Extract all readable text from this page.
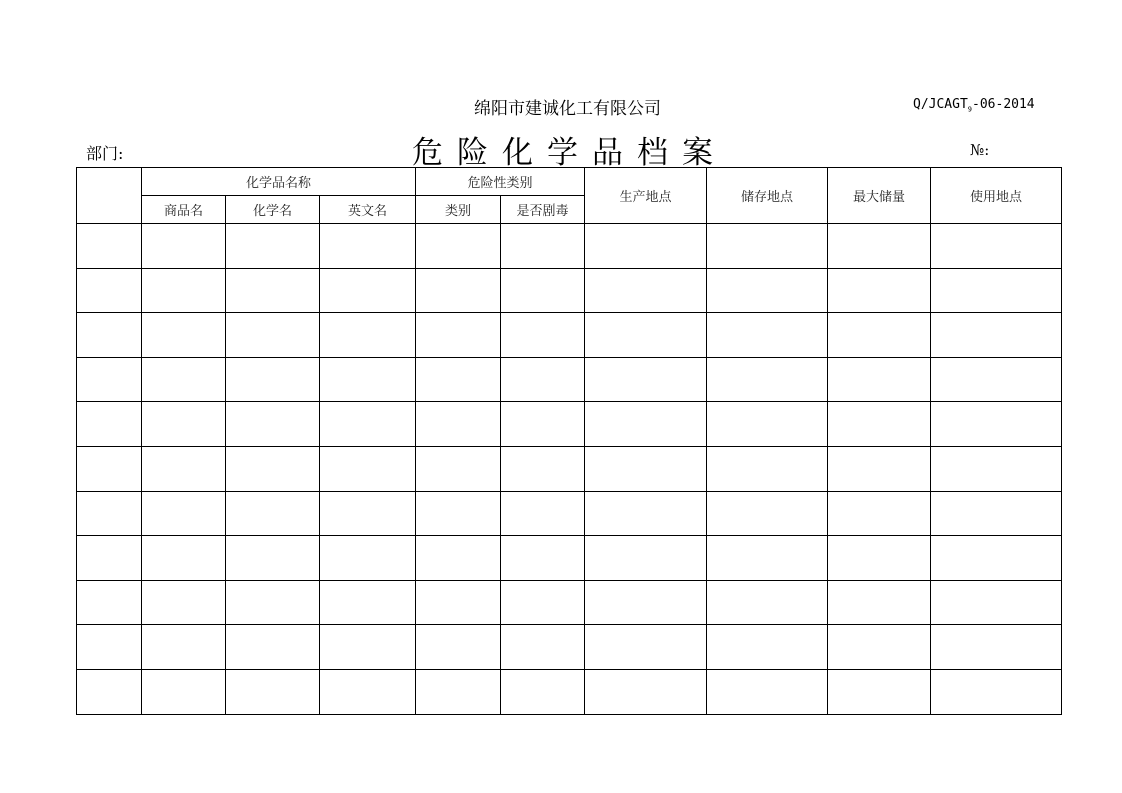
绵阳市建诚化工有限公司	$Q/JCAGT_9-06-2014$
部门:	危险化学品档案	№:
	化学品名称			危险性类别		生产地点	储存地点	最大储量	使用地点
	商品名	化学名	英文名	类别	是否剧毒				
